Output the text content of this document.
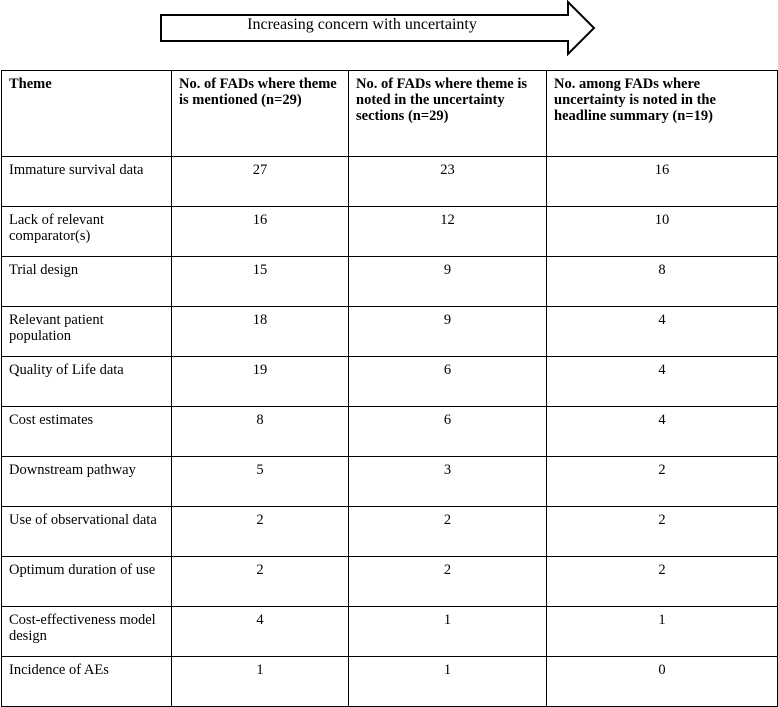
Increasing concern with uncertainty
Theme	No. of FADs where theme is mentioned (n=29)	No. of FADs where theme is noted in the uncertainty sections (n=29)	No. among FADs where uncertainty is noted in the headline summary (n=19)
Immature survival data	27	23	16
Lack of relevant comparator(s)	16	12	10
Trial design	15	9	8
Relevant patient population	18	9	4
Quality of Life data	19	6	4
Cost estimates	8	6	4
Downstream pathway	5	3	2
Use of observational data	2	2	2
Optimum duration of use	2	2	2
Cost-effectiveness model design	4	1	1
Incidence of AEs	1	1	0
